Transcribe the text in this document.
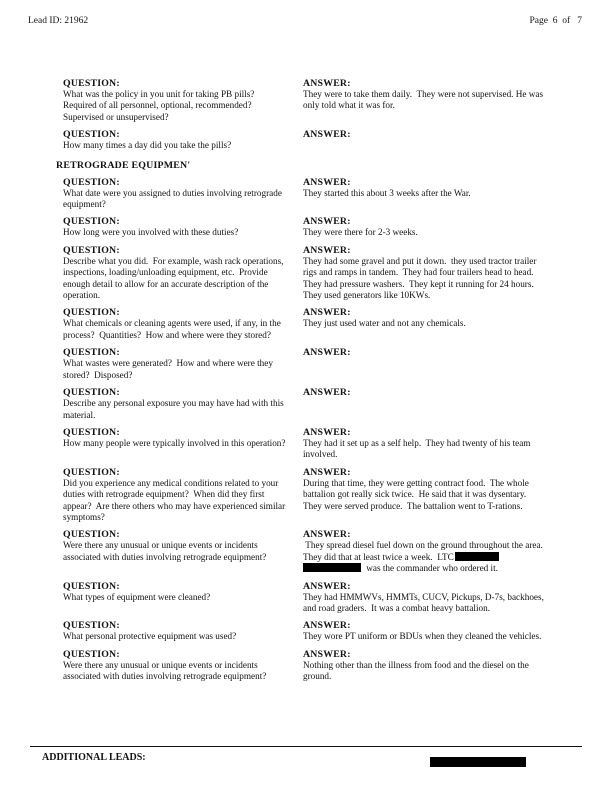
Lead ID: 21962	Page  6  of   7
QUESTION:
What was the policy in you unit for taking PB pills? Required of all personnel, optional, recommended? Supervised or unsupervised?
ANSWER:
They were to take them daily.  They were not supervised. He was only told what it was for.
QUESTION:
How many times a day did you take the pills?
ANSWER:
RETROGRADE EQUIPMEN'
QUESTION:
What date were you assigned to duties involving retrograde equipment?
ANSWER:
They started this about 3 weeks after the War.
QUESTION:
How long were you involved with these duties?
ANSWER:
They were there for 2-3 weeks.
QUESTION:
Describe what you did.  For example, wash rack operations, inspections, loading/unloading equipment, etc.  Provide enough detail to allow for an accurate description of the operation.
ANSWER:
They had some gravel and put it down.  they used tractor trailer rigs and ramps in tandem.  They had four trailers head to head.  They had pressure washers.  They kept it running for 24 hours.  They used generators like 10KWs.
QUESTION:
What chemicals or cleaning agents were used, if any, in the process?  Quantities?  How and where were they stored?
ANSWER:
They just used water and not any chemicals.
QUESTION:
What wastes were generated?  How and where were they stored?  Disposed?
ANSWER:
QUESTION:
Describe any personal exposure you may have had with this material.
ANSWER:
QUESTION:
How many people were typically involved in this operation?
ANSWER:
They had it set up as a self help.  They had twenty of his team involved.
QUESTION:
Did you experience any medical conditions related to your duties with retrograde equipment?  When did they first appear?  Are there others who may have experienced similar symptoms?
ANSWER:
During that time, they were getting contract food.  The whole battalion got really sick twice.  He said that it was dysentary.  They were served produce.  The battalion went to T-rations.
QUESTION:
Were there any unusual or unique events or incidents associated with duties involving retrograde equipment?
ANSWER:
They spread diesel fuel down on the ground throughout the area.  They did that at least twice a week.  LTC was the commander who ordered it.
QUESTION:
What types of equipment were cleaned?
ANSWER:
They had HMMWVs, HMMTs, CUCV, Pickups, D-7s, backhoes, and road graders.  It was a combat heavy battalion.
QUESTION:
What personal protective equipment was used?
ANSWER:
They wore PT uniform or BDUs when they cleaned the vehicles.
QUESTION:
Were there any unusual or unique events or incidents associated with duties involving retrograde equipment?
ANSWER:
Nothing other than the illness from food and the diesel on the ground.
ADDITIONAL LEADS:
